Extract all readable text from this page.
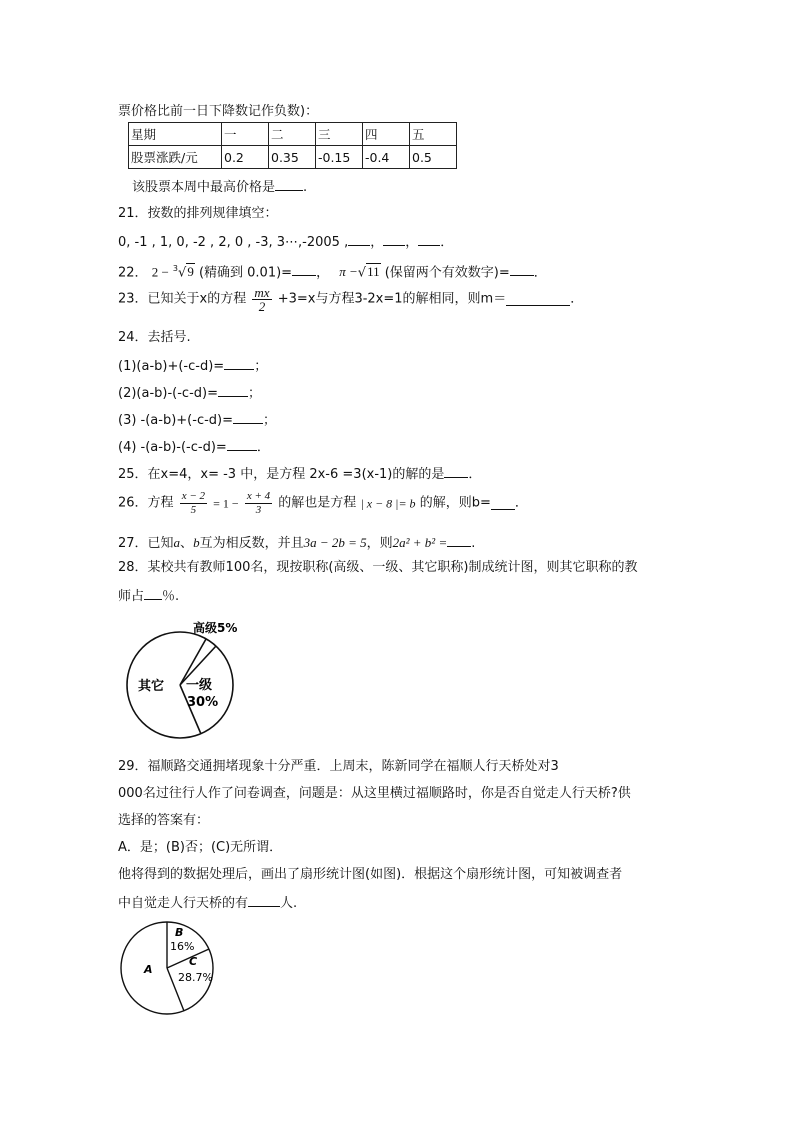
票价格比前一日下降数记作负数)：
星期	一	二	三	四	五
股票涨跌/元	0.2	0.35	-0.15	-0.4	0.5
该股票本周中最高价格是 .
21．按数的排列规律填空：
0, -1 , 1, 0, -2 , 2, 0 , -3, 3⋯,-2005 , ， ， ．
22． 2 − $^3$√9 (精确到 0.01)= ， π −√11 (保留两个有效数字)= ．
23．已知关于x的方程 $\frac{mx}{2} +3=x$与方程3-2x=1的解相同，则m＝	．
24．去括号.
(1)(a-b)+(-c-d)= ；
(2)(a-b)-(-c-d)= ；
(3) -(a-b)+(-c-d)= ；
(4) -(a-b)-(-c-d)= ．
25．在x=4，x= -3 中，是方程 2x-6 =3(x-1)的解的是 ．
26．方程 $\frac{x - 2}{5} = 1 - \frac{x + 4}{3}$ 的解也是方程 | x − 8 |= b 的解，则b= ．
27．已知a、b互为相反数，并且3a − 2b = 5，则2a² + b² = .
28．某校共有教师100名，现按职称(高级、一级、其它职称)制成统计图，则其它职称的教
师占 ％.
高级5%
其它 一级
30%
29．福顺路交通拥堵现象十分严重．上周末，陈新同学在福顺人行天桥处对3
000名过往行人作了问卷调查，问题是：从这里横过福顺路时，你是否自觉走人行天桥?供
选择的答案有：
A．是；(B)否；(C)无所谓．
他将得到的数据处理后，画出了扇形统计图(如图)．根据这个扇形统计图，可知被调查者
中自觉走人行天桥的有 人.
B
16%
C
28.7%
A
